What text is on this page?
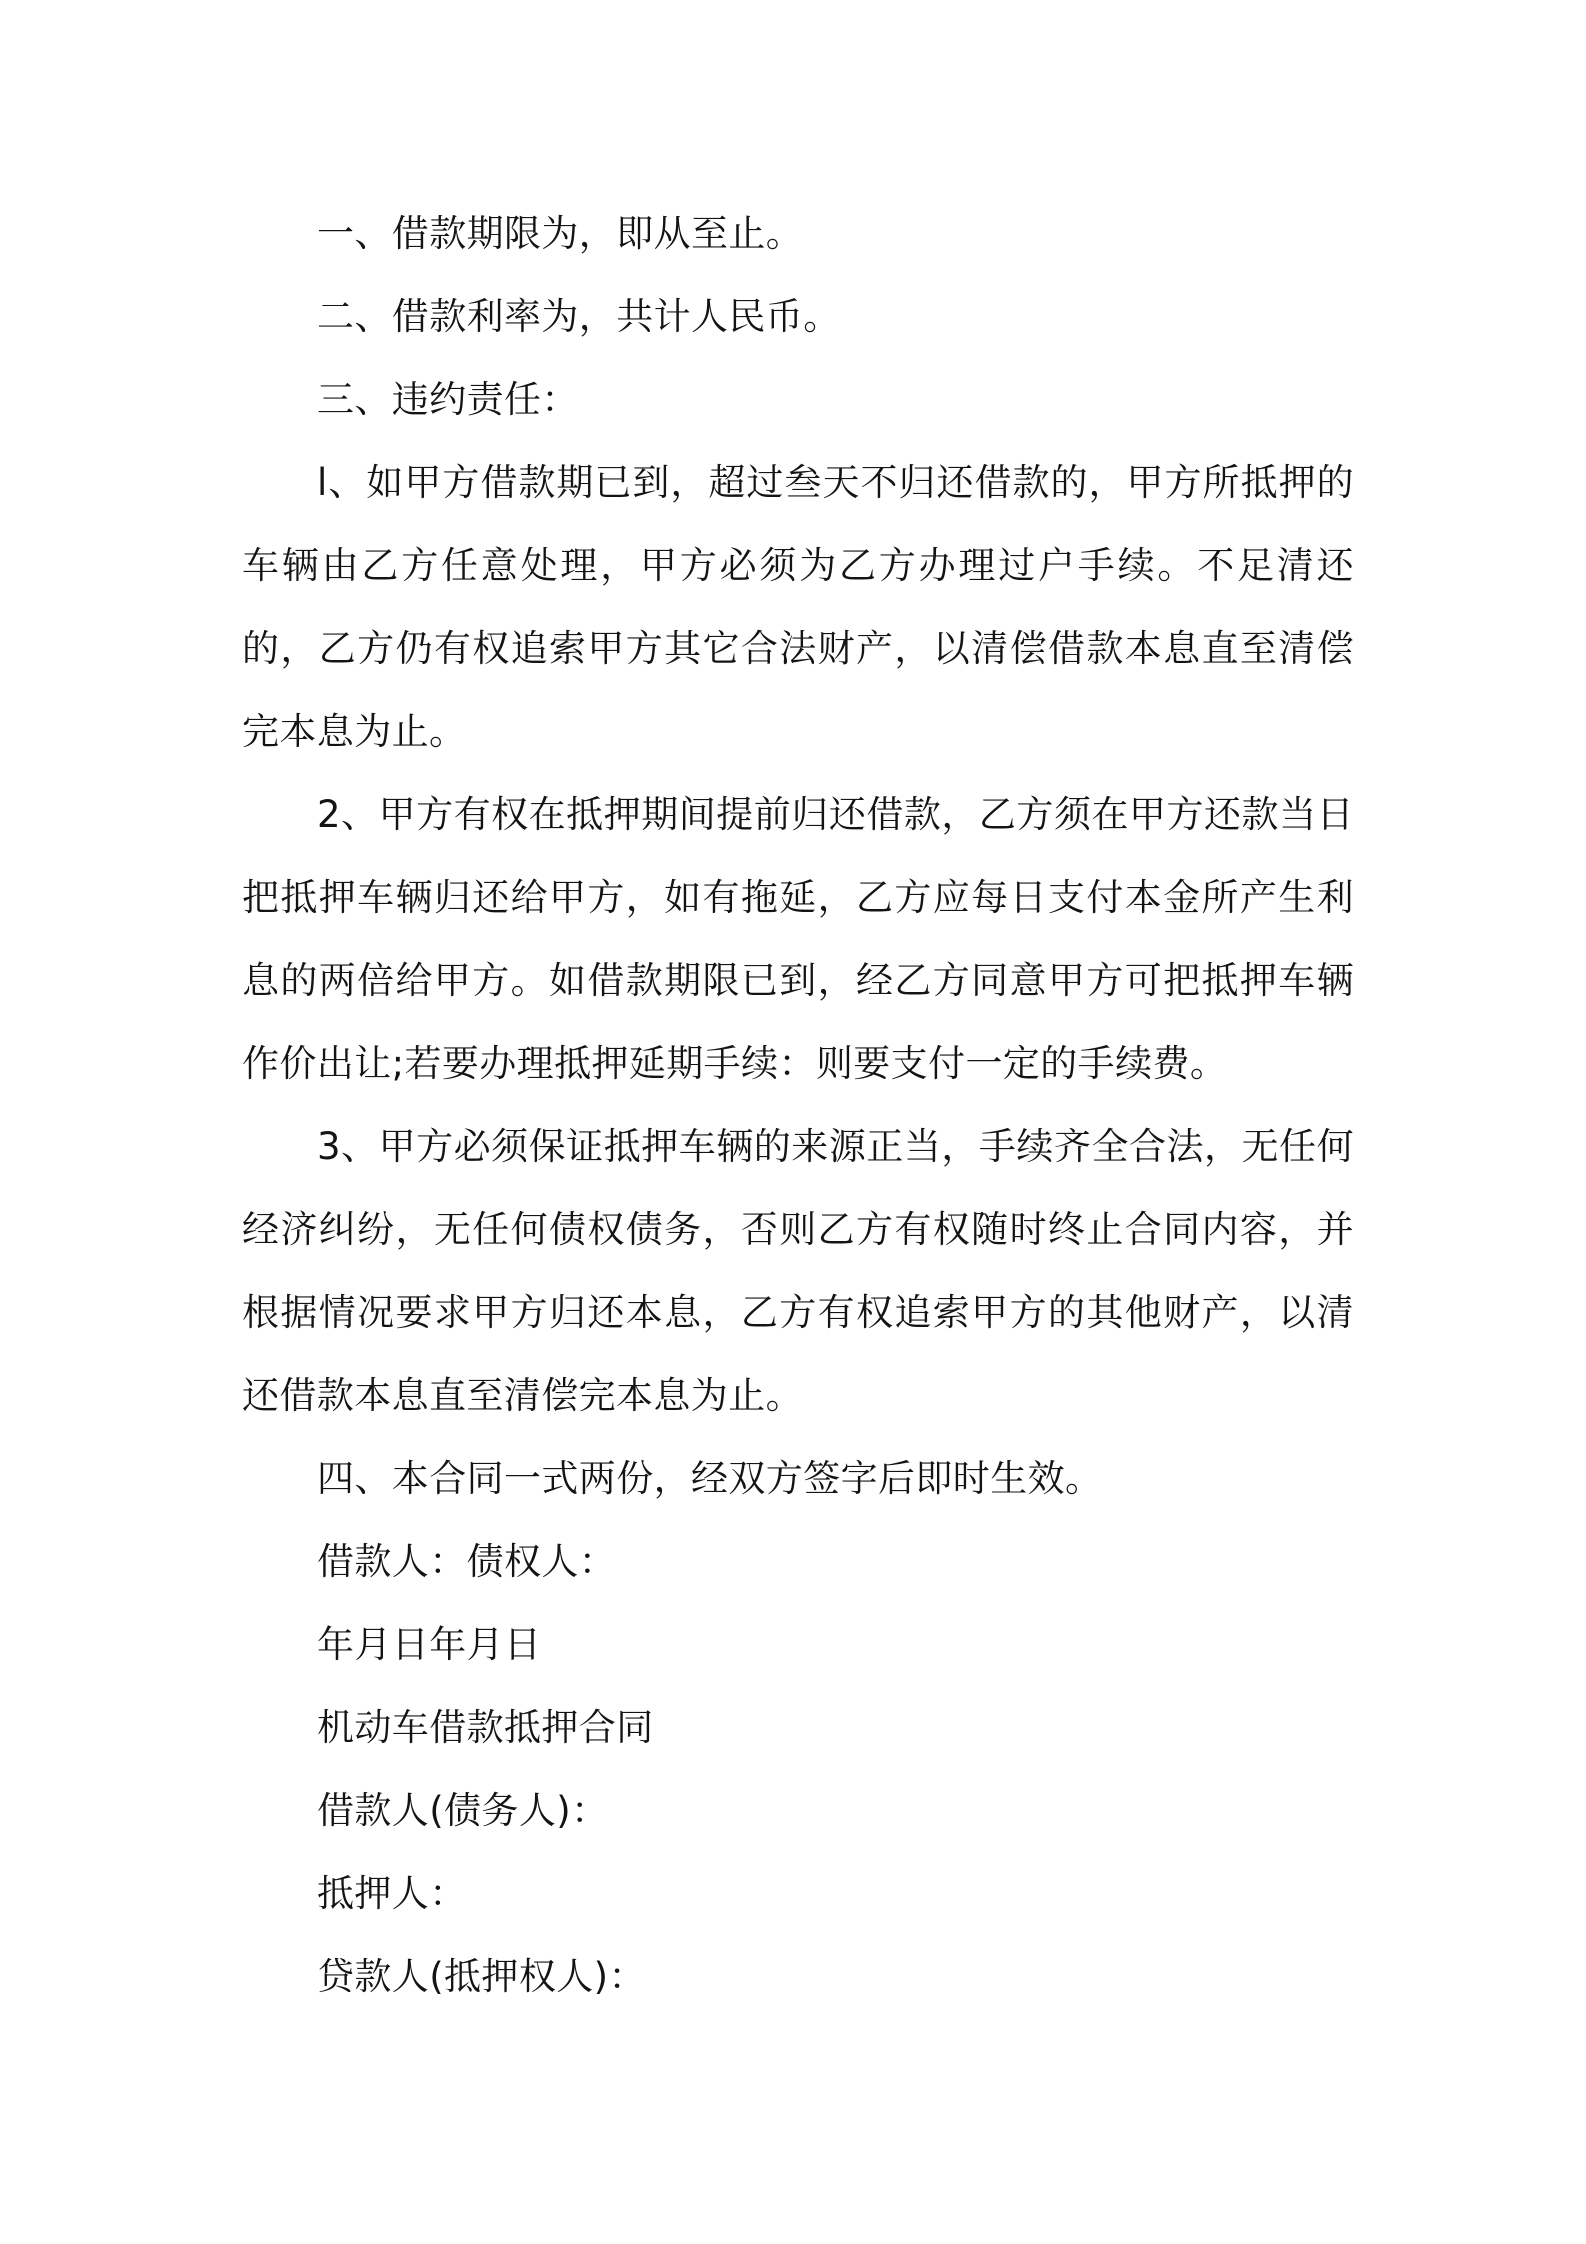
一、借款期限为，即从至止。

二、借款利率为，共计人民币。

三、违约责任：

l、如甲方借款期已到，超过叁天不归还借款的，甲方所抵押的车辆由乙方任意处理，甲方必须为乙方办理过户手续。不足清还的，乙方仍有权追索甲方其它合法财产，以清偿借款本息直至清偿完本息为止。

2、甲方有权在抵押期间提前归还借款，乙方须在甲方还款当日把抵押车辆归还给甲方，如有拖延，乙方应每日支付本金所产生利息的两倍给甲方。如借款期限已到，经乙方同意甲方可把抵押车辆作价出让;若要办理抵押延期手续：则要支付一定的手续费。

3、甲方必须保证抵押车辆的来源正当，手续齐全合法，无任何经济纠纷，无任何债权债务，否则乙方有权随时终止合同内容，并根据情况要求甲方归还本息，乙方有权追索甲方的其他财产，以清还借款本息直至清偿完本息为止。

四、本合同一式两份，经双方签字后即时生效。

借款人：债权人：

年月日年月日

机动车借款抵押合同

借款人(债务人)：

抵押人：

贷款人(抵押权人)：
